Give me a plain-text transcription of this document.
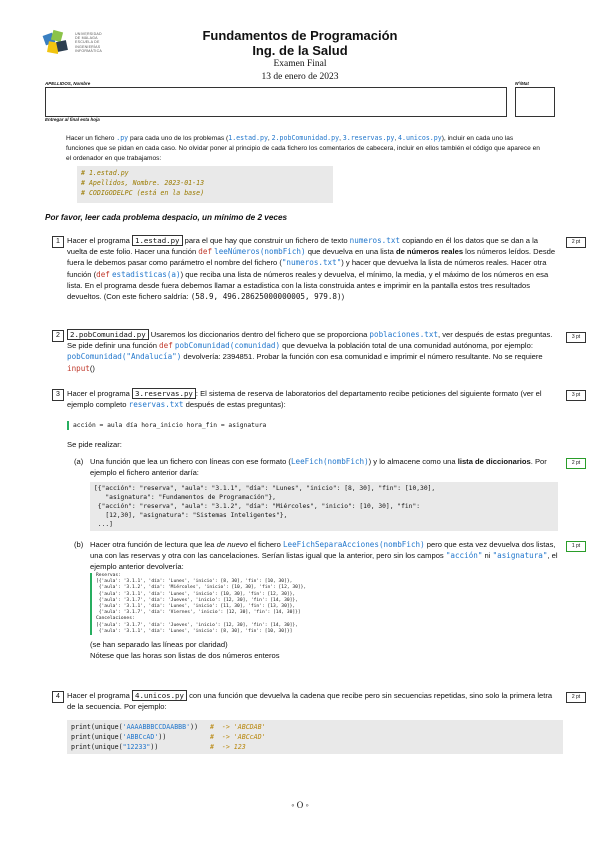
UNIVERSIDAD
DE MÁLAGA
ESCUELA DE
INGENIERÍAS
INFORMÁTICA
Fundamentos de Programación
Ing. de la Salud
Examen Final
13 de enero de 2023
APELLIDOS, Nombre	Nº/Mat
Entregar al final esta hoja
Hacer un fichero .py para cada uno de los problemas (1.estad.py, 2.pobComunidad.py, 3.reservas.py, 4.unicos.py), incluir en cada uno las funciones que se pidan en cada caso. No olvidar poner al principio de cada fichero los comentarios de cabecera, incluir en ellos también el código que aparece en el ordenador en que trabajamos:
# 1.estad.py
# Apellidos, Nombre. 2023-01-13
# CODIGODELPC (está en la base)
Por favor, leer cada problema despacio, un mínimo de 2 veces
1	2 pt
Hacer el programa 1.estad.py para el que hay que construir un fichero de texto numeros.txt copiando en él los datos que se dan a la vuelta de este folio. Hacer una función def leeNúmeros(nombFich) que devuelva en una lista de números reales los números leídos. Desde fuera le debemos pasar como parámetro el nombre del fichero ("numeros.txt") y hacer que devuelva la lista de números reales. Hacer otra función (def estadisticas(a)) que reciba una lista de números reales y devuelva, el mínimo, la media, y el máximo de los números en esa lista. En el programa desde fuera debemos llamar a estadistica con la lista construida antes e imprimir en la pantalla estos tres resultados devueltos. (Con este fichero saldría: (58.9, 496.28625000000005, 979.8))
2	3 pt
2.pobComunidad.py Usaremos los diccionarios dentro del fichero que se proporciona poblaciones.txt, ver después de estas preguntas. Se pide definir una función def pobComunidad(comunidad) que devuelva la población total de una comunidad autónoma, por ejemplo: pobComunidad("Andalucía") devolvería: 2394851. Probar la función con esa comunidad e imprimir el número resultante. No se requiere input()
3	3 pt
Hacer el programa 3.reservas.py : El sistema de reserva de laboratorios del departamento recibe peticiones del siguiente formato (ver el ejemplo completo reservas.txt después de estas preguntas):
acción = aula día hora_inicio hora_fin = asignatura
Se pide realizar:
(a)	2 pt
Una función que lea un fichero con líneas con ese formato (LeeFich(nombFich)) y lo almacene como una lista de diccionarios. Por ejemplo el fichero anterior daría:
[{"acción": "reserva", "aula": "3.1.1", "día": "Lunes", "inicio": [8, 30], "fin": [10,30],
"asignatura": "Fundamentos de Programación"},
{"acción": "reserva", "aula": "3.1.2", "día": "Miércoles", "inicio": [10, 30], "fin":
[12,30], "asignatura": "Sistemas Inteligentes"},
...]
(b)	1 pt
Hacer otra función de lectura que lea de nuevo el fichero LeeFichSeparaAcciones(nombFich) pero que esta vez devuelva dos listas, una con las reservas y otra con las cancelaciones. Serían listas igual que la anterior, pero sin los campos "acción" ni "asignatura", el ejemplo anterior devolvería:
Reservas:
[{'aula': '3.1.1', 'día': 'Lunes', 'inicio': [8, 30], 'fin': [10, 30]},
{'aula': '3.1.2', 'día': 'Miércoles', 'inicio': [10, 30], 'fin': [12, 30]},
{'aula': '3.1.1', 'día': 'Lunes', 'inicio': [10, 30], 'fin': [12, 30]},
{'aula': '3.1.7', 'día': 'Jueves', 'inicio': [12, 30], 'fin': [14, 30]},
{'aula': '3.1.1', 'día': 'Lunes', 'inicio': [11, 30], 'fin': [13, 30]},
{'aula': '3.1.7', 'día': 'Viernes', 'inicio': [12, 30], 'fin': [14, 30]}]
Cancelaciones:
[{'aula': '3.1.7', 'día': 'Jueves', 'inicio': [12, 30], 'fin': [14, 30]},
{'aula': '3.1.1', 'día': 'Lunes', 'inicio': [8, 30], 'fin': [10, 30]}]
(se han separado las líneas por claridad)
Nótese que las horas son listas de dos números enteros
4	2 pt
Hacer el programa 4.unicos.py con una función que devuelva la cadena que recibe pero sin secuencias repetidas, sino solo la primera letra de la secuencia. Por ejemplo:
print(unique('AAAABBBCCDAABBB')) #  -> 'ABCDAB'
print(unique('ABBCcAD'))	#  -> 'ABCcAD'
print(unique("12233"))	#  -> 123
◦ O ◦
